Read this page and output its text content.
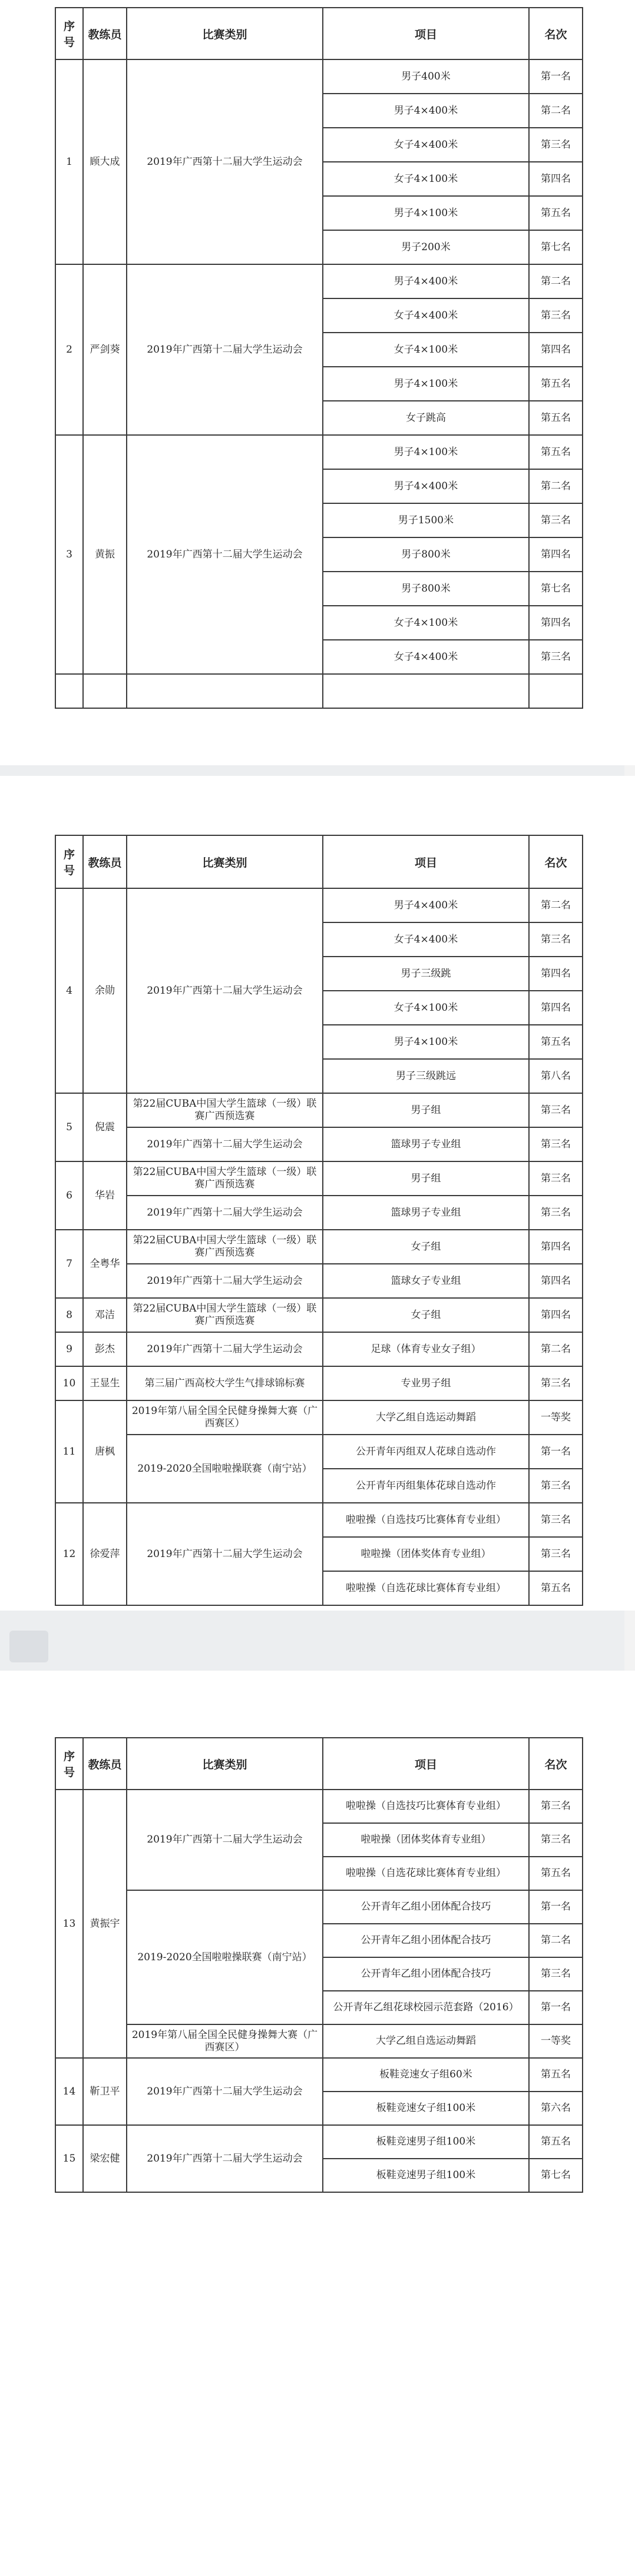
序号	教练员	比赛类别	项目	名次
1	顾大成	2019年广西第十二届大学生运动会	男子400米	第一名
			男子4×400米	第二名
			女子4×400米	第三名
			女子4×100米	第四名
			男子4×100米	第五名
			男子200米	第七名
2	严剑葵	2019年广西第十二届大学生运动会	男子4×400米	第二名
			女子4×400米	第三名
			女子4×100米	第四名
			男子4×100米	第五名
			女子跳高	第五名
3	黄振	2019年广西第十二届大学生运动会	男子4×100米	第五名
			男子4×400米	第二名
			男子1500米	第三名
			男子800米	第四名
			男子800米	第七名
			女子4×100米	第四名
			女子4×400米	第三名

序号	教练员	比赛类别	项目	名次
4	余勋	2019年广西第十二届大学生运动会	男子4×400米	第二名
			女子4×400米	第三名
			男子三级跳	第四名
			女子4×100米	第四名
			男子4×100米	第五名
			男子三级跳远	第八名
5	倪震	第22届CUBA中国大学生篮球（一级）联赛广西预选赛	男子组	第三名
		2019年广西第十二届大学生运动会	篮球男子专业组	第三名
6	华岩	第22届CUBA中国大学生篮球（一级）联赛广西预选赛	男子组	第三名
		2019年广西第十二届大学生运动会	篮球男子专业组	第三名
7	全粤华	第22届CUBA中国大学生篮球（一级）联赛广西预选赛	女子组	第四名
		2019年广西第十二届大学生运动会	篮球女子专业组	第四名
8	邓洁	第22届CUBA中国大学生篮球（一级）联赛广西预选赛	女子组	第四名
9	彭杰	2019年广西第十二届大学生运动会	足球（体育专业女子组）	第二名
10	王显生	第三届广西高校大学生气排球锦标赛	专业男子组	第三名
11	唐枫	2019年第八届全国全民健身操舞大赛（广西赛区）	大学乙组自选运动舞蹈	一等奖
		2019-2020全国啦啦操联赛（南宁站）	公开青年丙组双人花球自选动作	第一名
			公开青年丙组集体花球自选动作	第三名
12	徐爱萍	2019年广西第十二届大学生运动会	啦啦操（自选技巧比赛体育专业组）	第三名
			啦啦操（团体奖体育专业组）	第三名
			啦啦操（自选花球比赛体育专业组）	第五名
序号	教练员	比赛类别	项目	名次
13	黄振宇	2019年广西第十二届大学生运动会	啦啦操（自选技巧比赛体育专业组）	第三名
			啦啦操（团体奖体育专业组）	第三名
			啦啦操（自选花球比赛体育专业组）	第五名
		2019-2020全国啦啦操联赛（南宁站）	公开青年乙组小团体配合技巧	第一名
			公开青年乙组小团体配合技巧	第二名
			公开青年乙组小团体配合技巧	第三名
			公开青年乙组花球校园示范套路（2016）	第一名
		2019年第八届全国全民健身操舞大赛（广西赛区）	大学乙组自选运动舞蹈	一等奖
14	靳卫平	2019年广西第十二届大学生运动会	板鞋竞速女子组60米	第五名
			板鞋竞速女子组100米	第六名
15	梁宏健	2019年广西第十二届大学生运动会	板鞋竞速男子组100米	第五名
			板鞋竞速男子组100米	第七名
